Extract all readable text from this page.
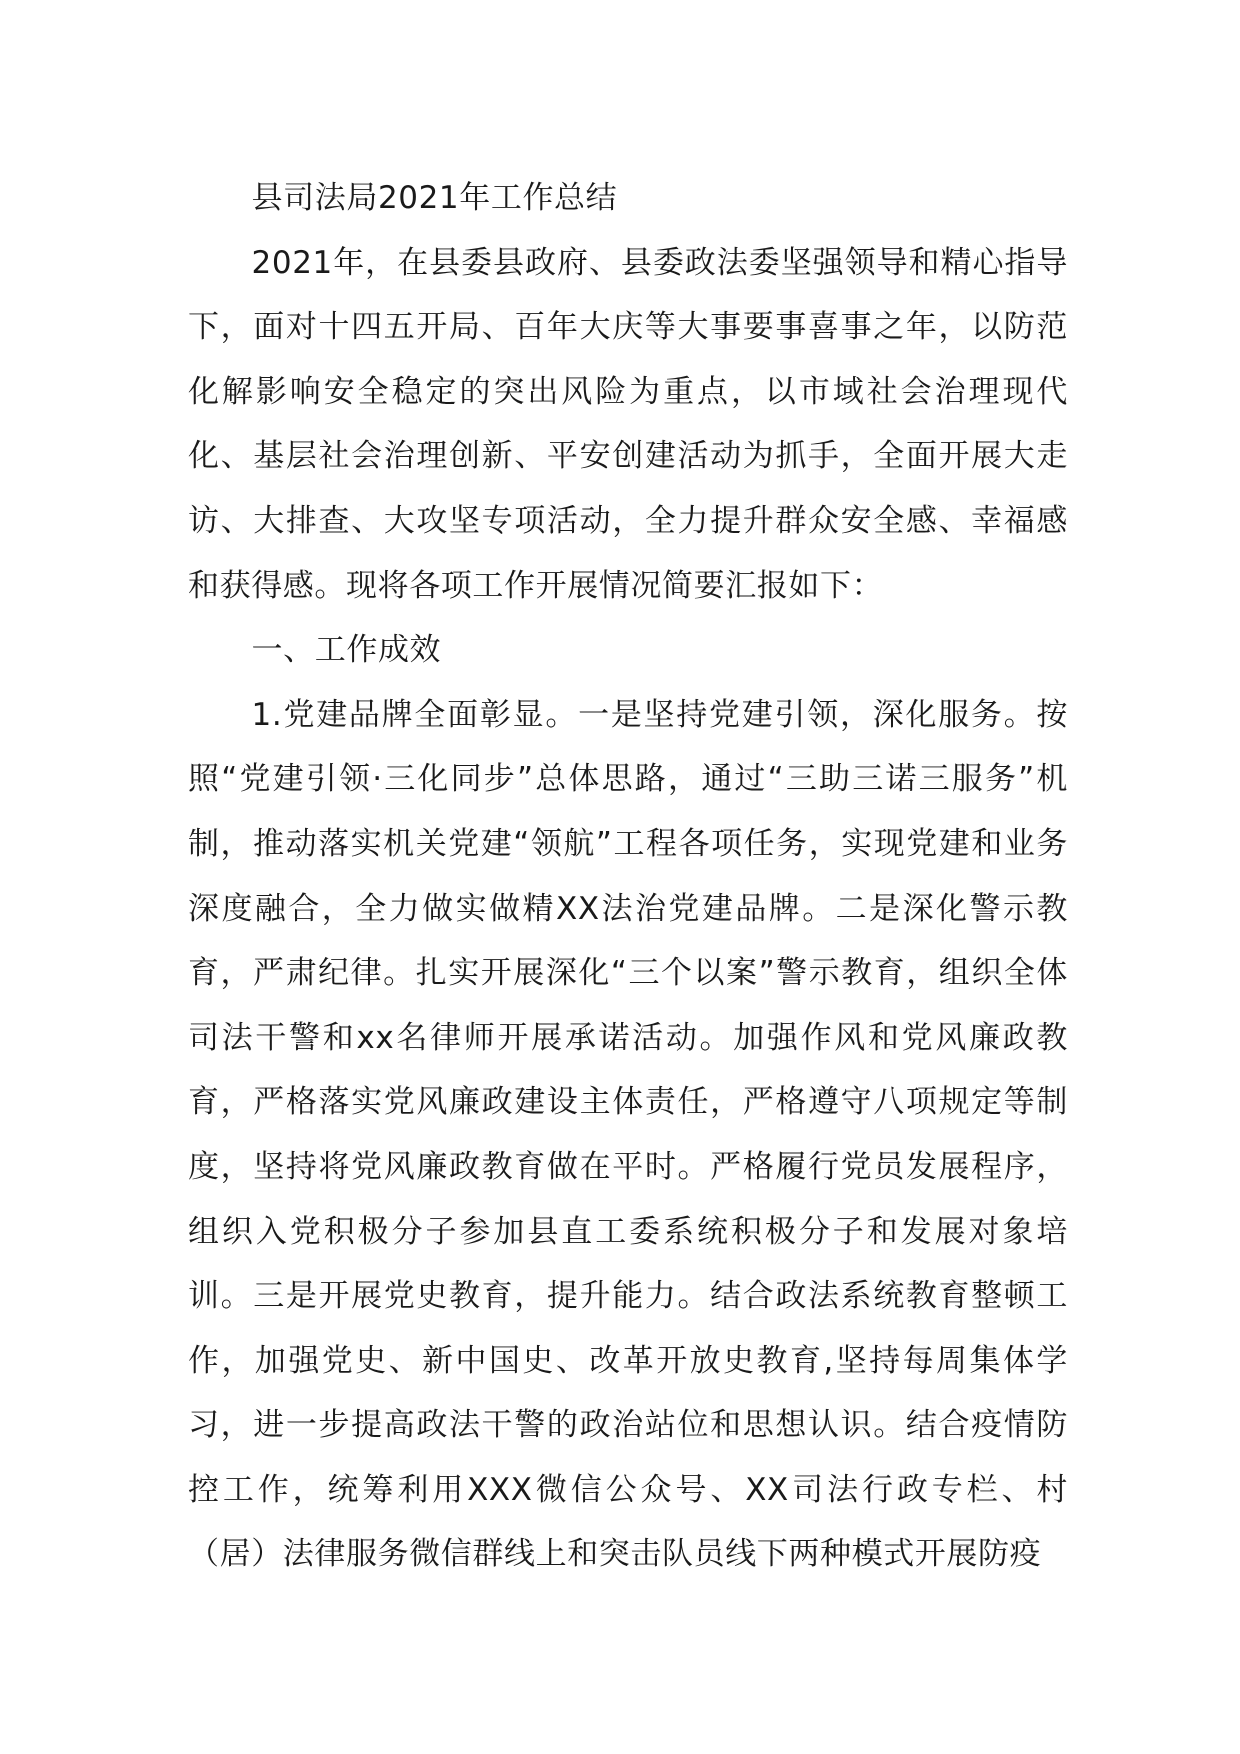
县司法局2021年工作总结

2021年，在县委县政府、县委政法委坚强领导和精心指导下，面对十四五开局、百年大庆等大事要事喜事之年，以防范化解影响安全稳定的突出风险为重点，以市域社会治理现代化、基层社会治理创新、平安创建活动为抓手，全面开展大走访、大排查、大攻坚专项活动，全力提升群众安全感、幸福感和获得感。现将各项工作开展情况简要汇报如下：

一、工作成效

1.党建品牌全面彰显。一是坚持党建引领，深化服务。按照“党建引领·三化同步”总体思路，通过“三助三诺三服务”机制，推动落实机关党建“领航”工程各项任务，实现党建和业务深度融合，全力做实做精XX法治党建品牌。二是深化警示教育，严肃纪律。扎实开展深化“三个以案”警示教育，组织全体司法干警和xx名律师开展承诺活动。加强作风和党风廉政教育，严格落实党风廉政建设主体责任，严格遵守八项规定等制度，坚持将党风廉政教育做在平时。严格履行党员发展程序，组织入党积极分子参加县直工委系统积极分子和发展对象培训。三是开展党史教育，提升能力。结合政法系统教育整顿工作，加强党史、新中国史、改革开放史教育,坚持每周集体学习，进一步提高政法干警的政治站位和思想认识。结合疫情防控工作，统筹利用XXX微信公众号、XX司法行政专栏、村（居）法律服务微信群线上和突击队员线下两种模式开展防疫
